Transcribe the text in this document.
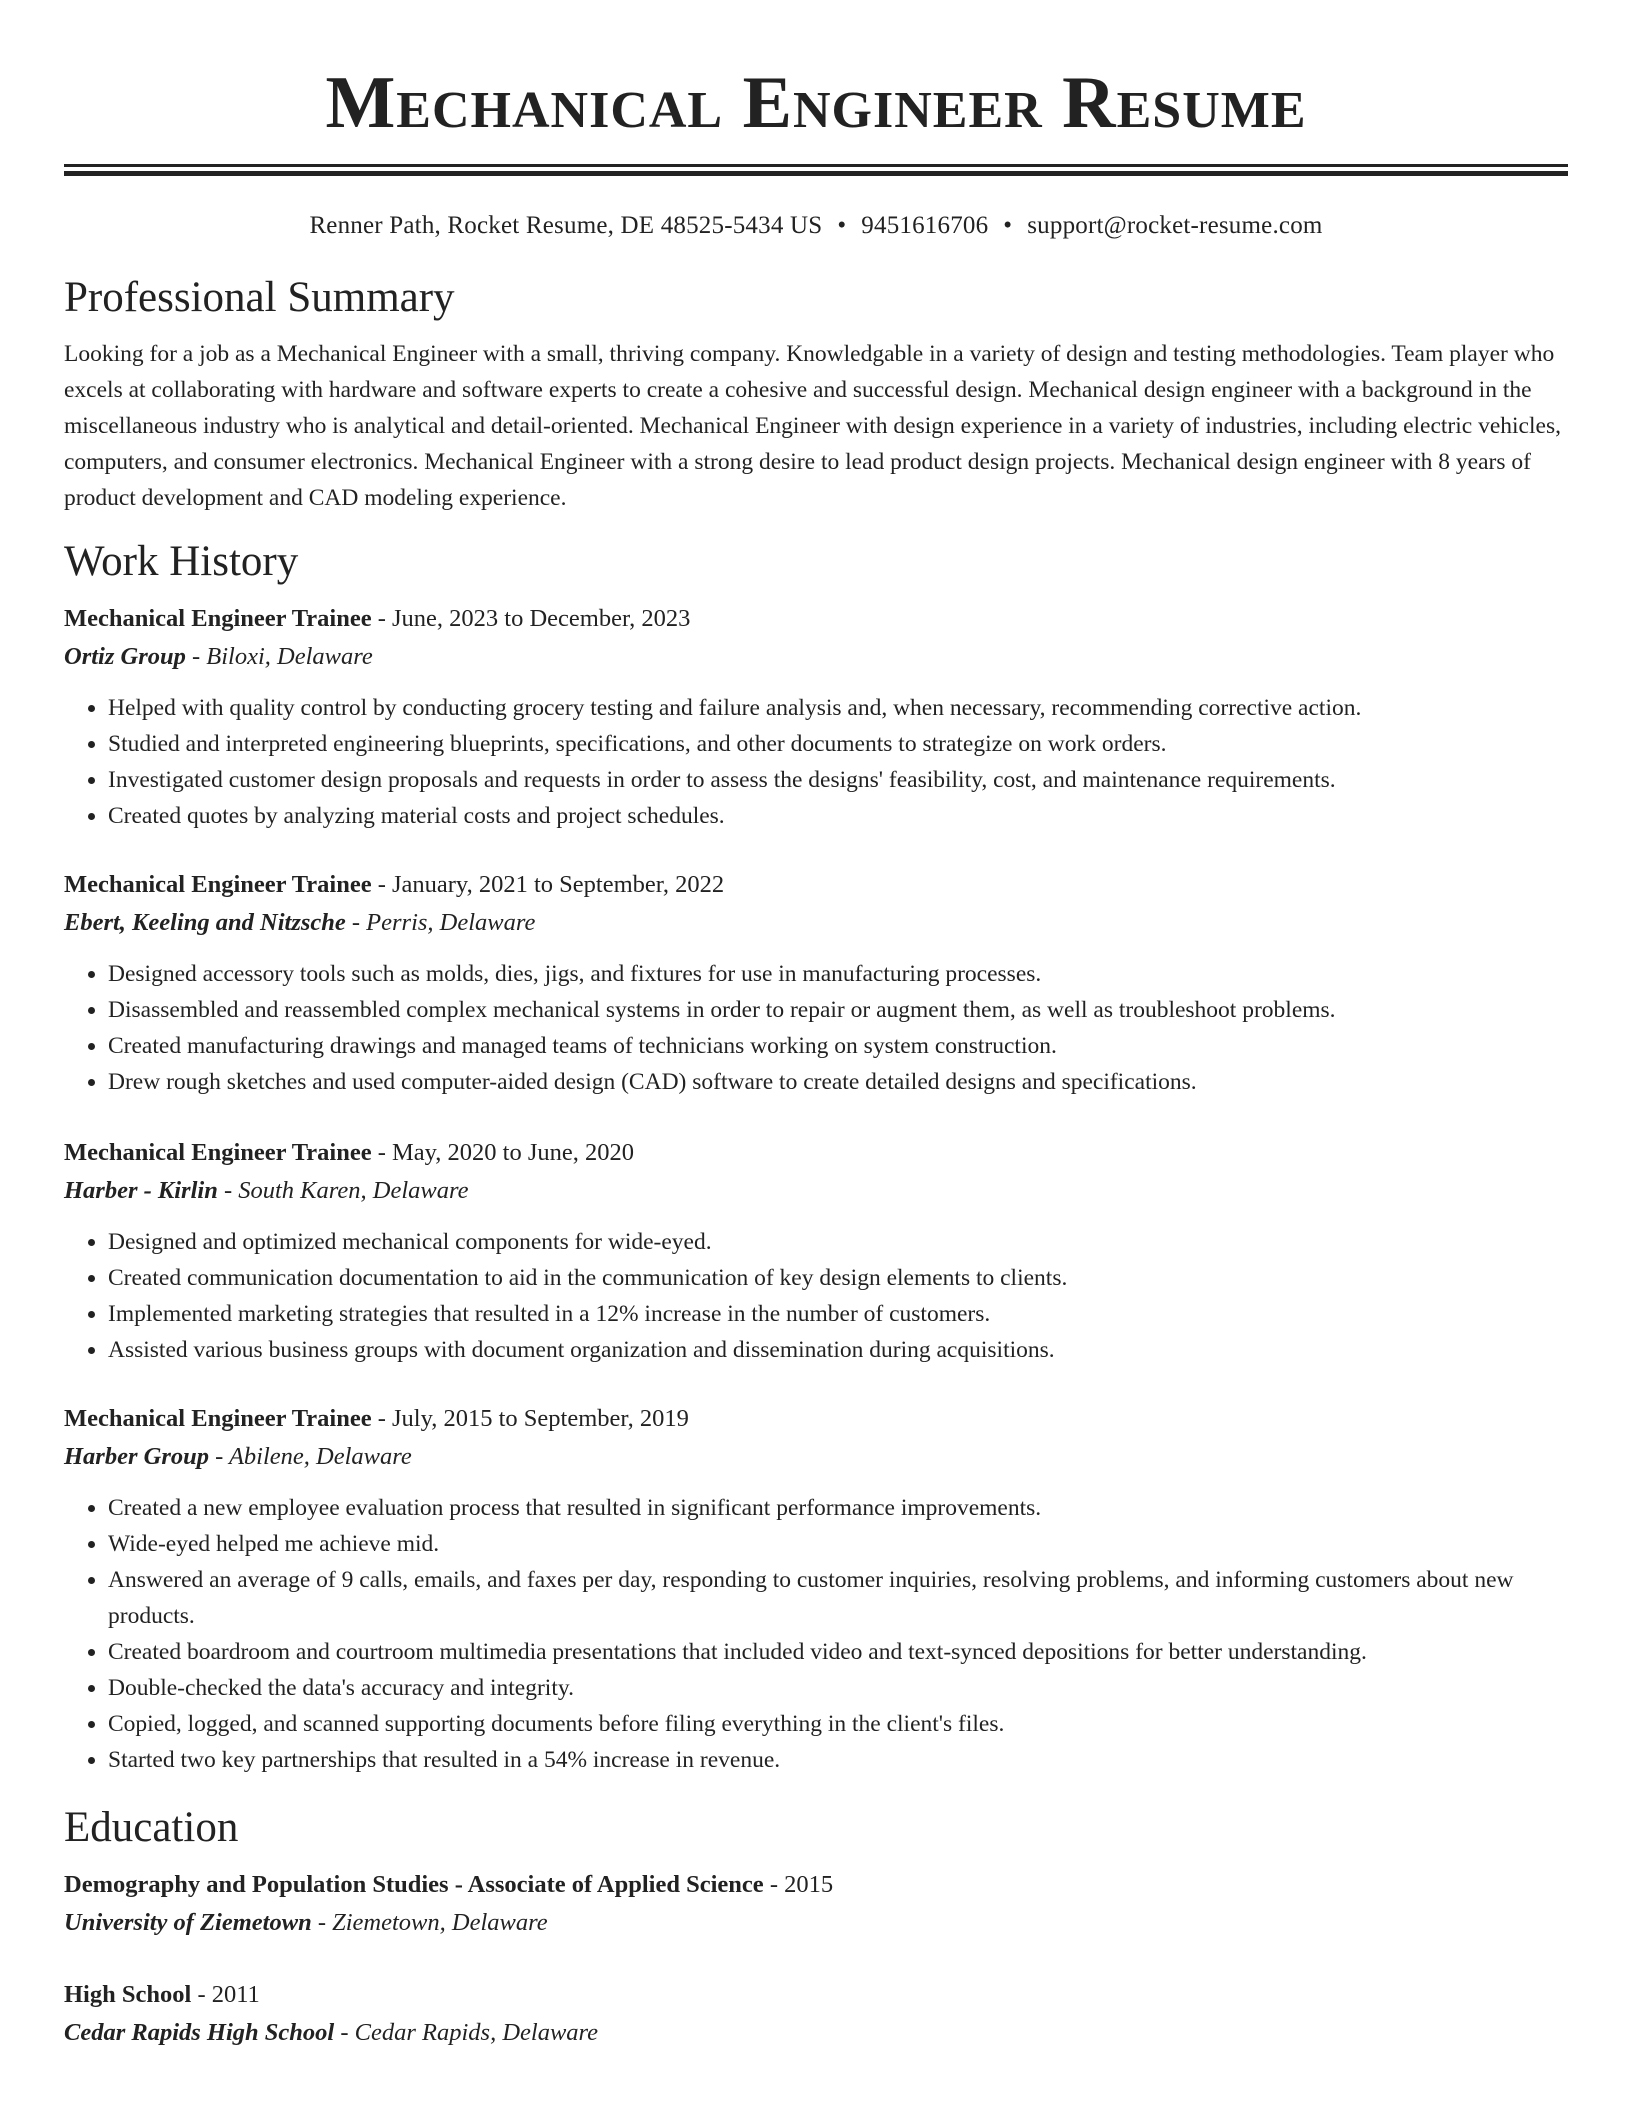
Mechanical Engineer Resume
Renner Path, Rocket Resume, DE 48525-5434 US • 9451616706 • support@rocket-resume.com
Professional Summary

Looking for a job as a Mechanical Engineer with a small, thriving company. Knowledgable in a variety of design and testing methodologies. Team player who excels at collaborating with hardware and software experts to create a cohesive and successful design. Mechanical design engineer with a background in the miscellaneous industry who is analytical and detail-oriented. Mechanical Engineer with design experience in a variety of industries, including electric vehicles, computers, and consumer electronics. Mechanical Engineer with a strong desire to lead product design projects. Mechanical design engineer with 8 years of product development and CAD modeling experience.

Work History

Mechanical Engineer Trainee - June, 2023 to December, 2023

Ortiz Group - Biloxi, Delaware

• Helped with quality control by conducting grocery testing and failure analysis and, when necessary, recommending corrective action.
• Studied and interpreted engineering blueprints, specifications, and other documents to strategize on work orders.
• Investigated customer design proposals and requests in order to assess the designs' feasibility, cost, and maintenance requirements.
• Created quotes by analyzing material costs and project schedules.

Mechanical Engineer Trainee - January, 2021 to September, 2022

Ebert, Keeling and Nitzsche - Perris, Delaware

• Designed accessory tools such as molds, dies, jigs, and fixtures for use in manufacturing processes.
• Disassembled and reassembled complex mechanical systems in order to repair or augment them, as well as troubleshoot problems.
• Created manufacturing drawings and managed teams of technicians working on system construction.
• Drew rough sketches and used computer-aided design (CAD) software to create detailed designs and specifications.

Mechanical Engineer Trainee - May, 2020 to June, 2020

Harber - Kirlin - South Karen, Delaware

• Designed and optimized mechanical components for wide-eyed.
• Created communication documentation to aid in the communication of key design elements to clients.
• Implemented marketing strategies that resulted in a 12% increase in the number of customers.
• Assisted various business groups with document organization and dissemination during acquisitions.

Mechanical Engineer Trainee - July, 2015 to September, 2019

Harber Group - Abilene, Delaware

• Created a new employee evaluation process that resulted in significant performance improvements.
• Wide-eyed helped me achieve mid.
• Answered an average of 9 calls, emails, and faxes per day, responding to customer inquiries, resolving problems, and informing customers about new products.
• Created boardroom and courtroom multimedia presentations that included video and text-synced depositions for better understanding.
• Double-checked the data's accuracy and integrity.
• Copied, logged, and scanned supporting documents before filing everything in the client's files.
• Started two key partnerships that resulted in a 54% increase in revenue.
Education

Demography and Population Studies - Associate of Applied Science - 2015

University of Ziemetown - Ziemetown, Delaware

High School - 2011

Cedar Rapids High School - Cedar Rapids, Delaware
